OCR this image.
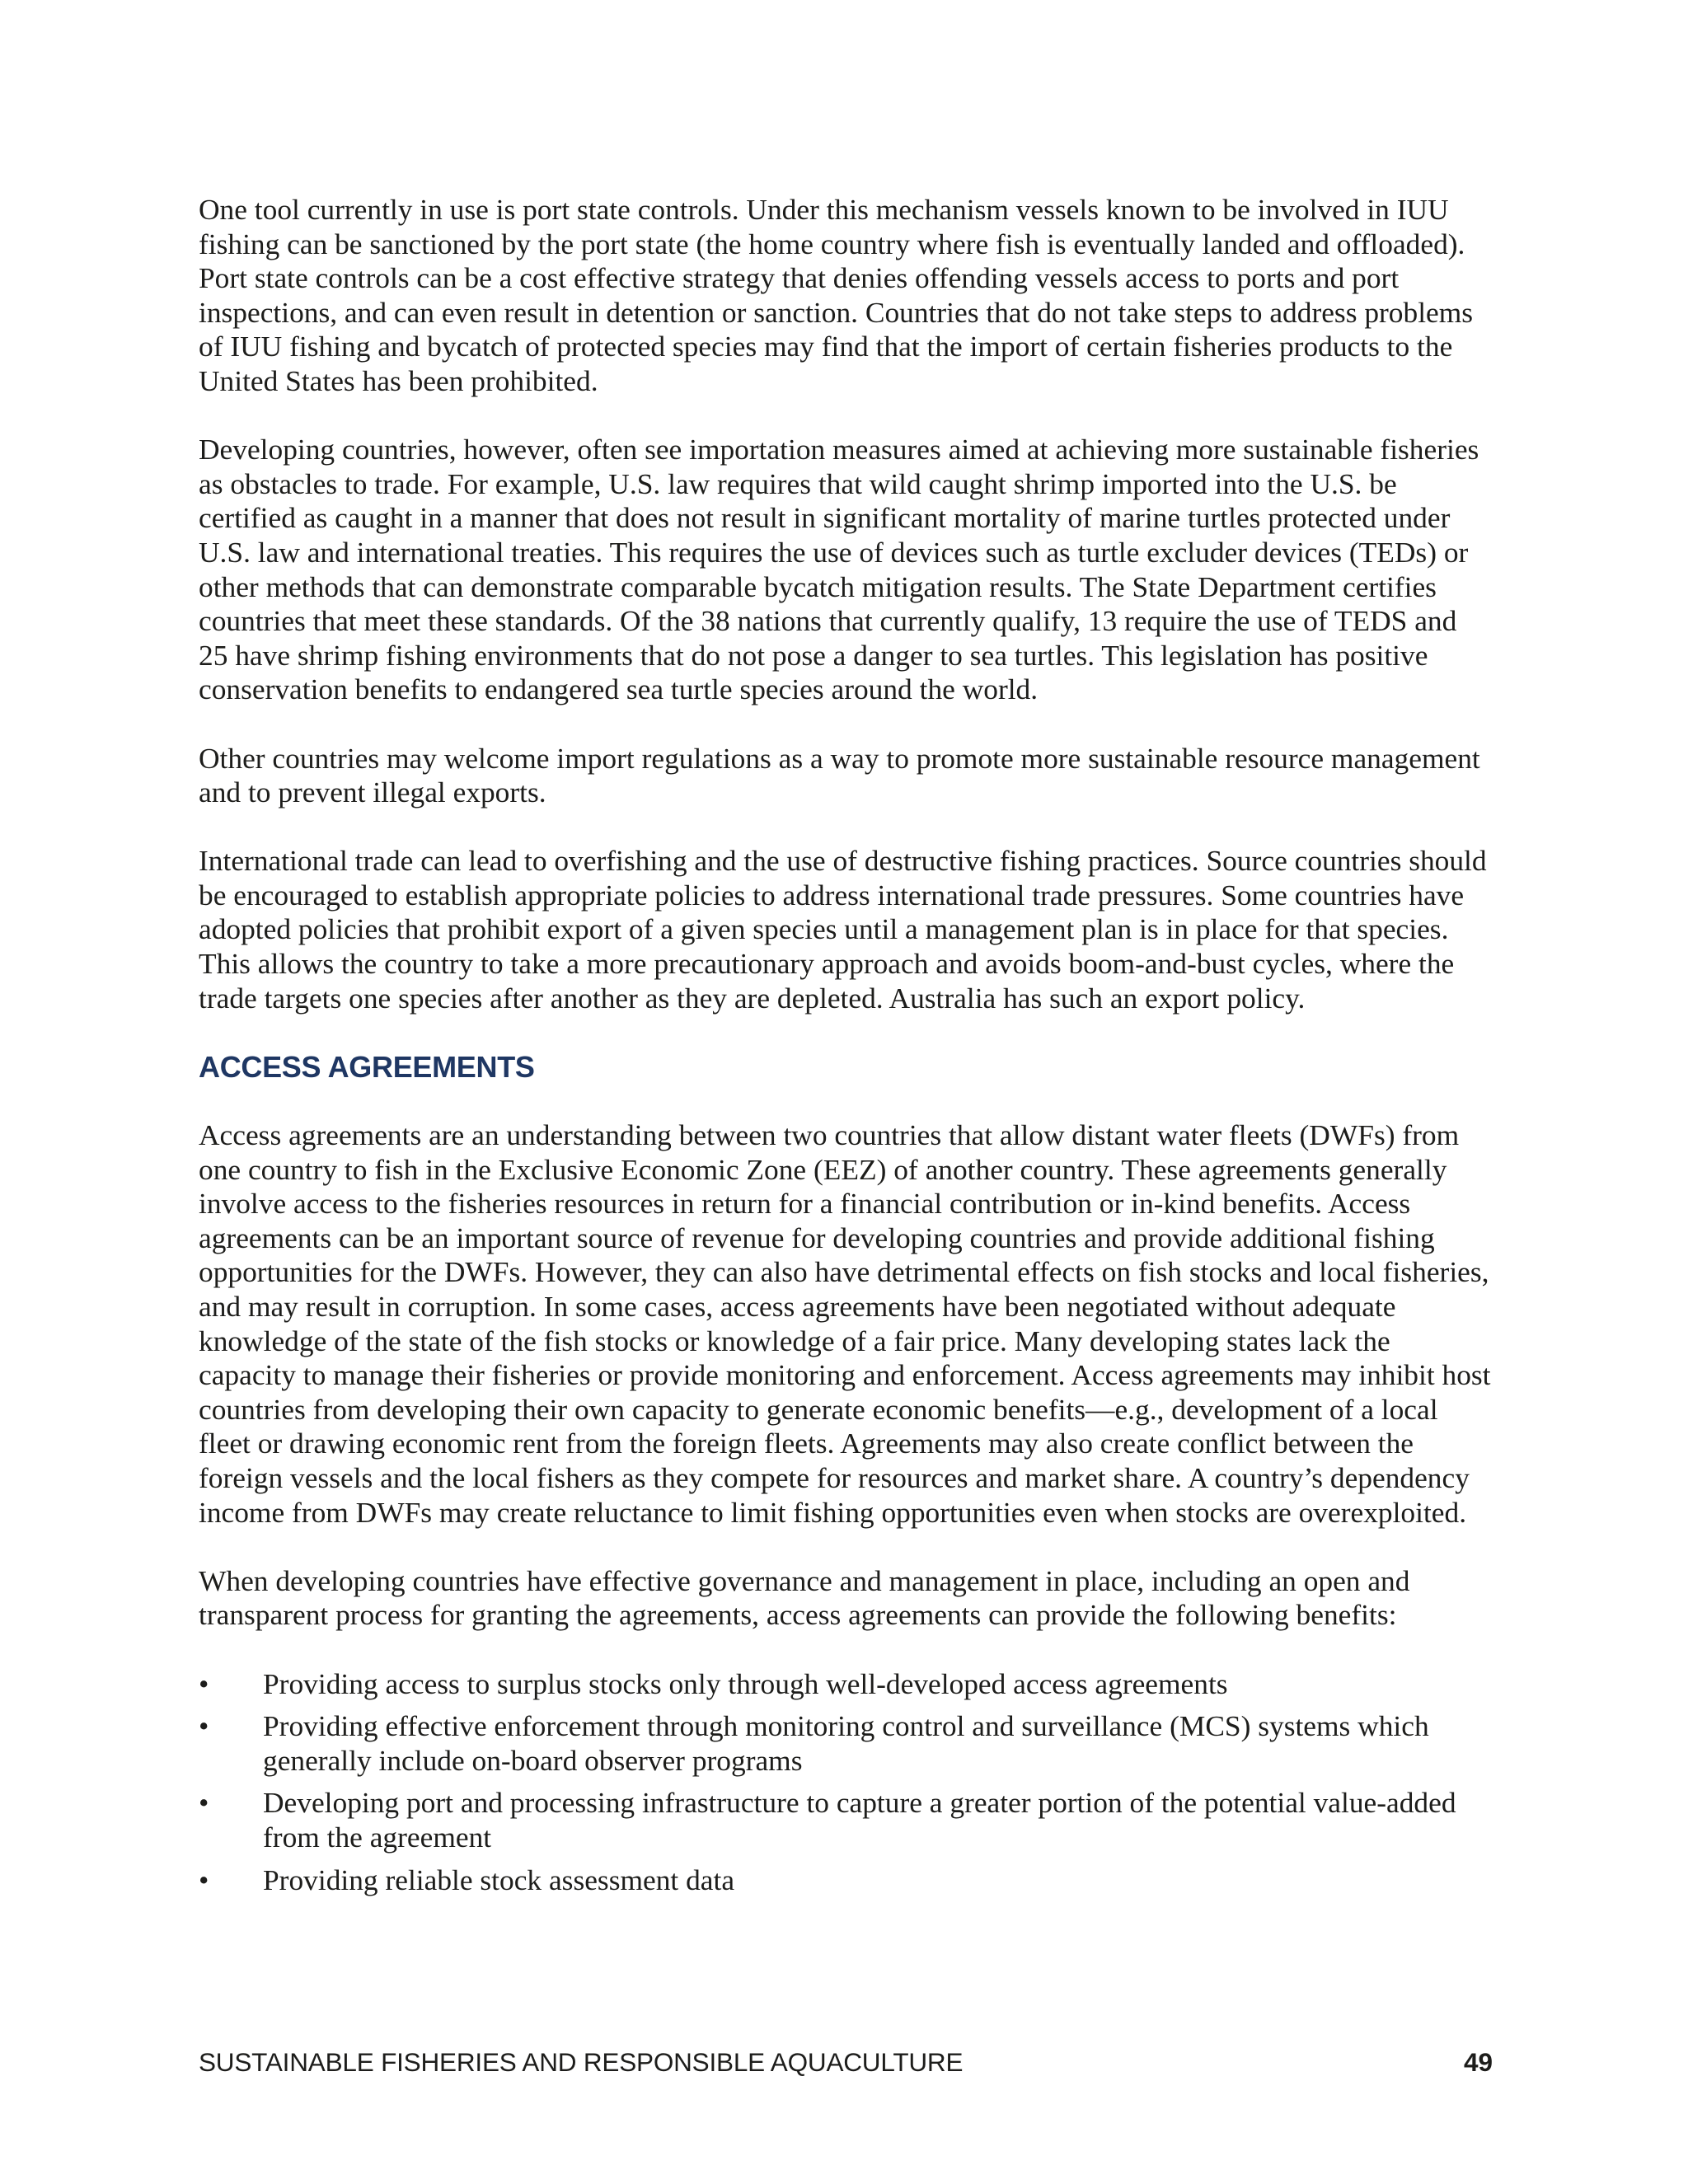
One tool currently in use is port state controls. Under this mechanism vessels known to be involved in IUU fishing can be sanctioned by the port state (the home country where fish is eventually landed and offloaded). Port state controls can be a cost effective strategy that denies offending vessels access to ports and port inspections, and can even result in detention or sanction. Countries that do not take steps to address problems of IUU fishing and bycatch of protected species may find that the import of certain fisheries products to the United States has been prohibited.

Developing countries, however, often see importation measures aimed at achieving more sustainable fisheries as obstacles to trade. For example, U.S. law requires that wild caught shrimp imported into the U.S. be certified as caught in a manner that does not result in significant mortality of marine turtles protected under U.S. law and international treaties. This requires the use of devices such as turtle excluder devices (TEDs) or other methods that can demonstrate comparable bycatch mitigation results. The State Department certifies countries that meet these standards. Of the 38 nations that currently qualify, 13 require the use of TEDS and 25 have shrimp fishing environments that do not pose a danger to sea turtles. This legislation has positive conservation benefits to endangered sea turtle species around the world.

Other countries may welcome import regulations as a way to promote more sustainable resource management and to prevent illegal exports.

International trade can lead to overfishing and the use of destructive fishing practices. Source countries should be encouraged to establish appropriate policies to address international trade pressures. Some countries have adopted policies that prohibit export of a given species until a management plan is in place for that species. This allows the country to take a more precautionary approach and avoids boom-and-bust cycles, where the trade targets one species after another as they are depleted. Australia has such an export policy.

ACCESS AGREEMENTS

Access agreements are an understanding between two countries that allow distant water fleets (DWFs) from one country to fish in the Exclusive Economic Zone (EEZ) of another country. These agreements generally involve access to the fisheries resources in return for a financial contribution or in-kind benefits. Access agreements can be an important source of revenue for developing countries and provide additional fishing opportunities for the DWFs. However, they can also have detrimental effects on fish stocks and local fisheries, and may result in corruption. In some cases, access agreements have been negotiated without adequate knowledge of the state of the fish stocks or knowledge of a fair price. Many developing states lack the capacity to manage their fisheries or provide monitoring and enforcement. Access agreements may inhibit host countries from developing their own capacity to generate economic benefits—e.g., development of a local fleet or drawing economic rent from the foreign fleets. Agreements may also create conflict between the foreign vessels and the local fishers as they compete for resources and market share. A country’s dependency income from DWFs may create reluctance to limit fishing opportunities even when stocks are overexploited.

When developing countries have effective governance and management in place, including an open and transparent process for granting the agreements, access agreements can provide the following benefits:

• Providing access to surplus stocks only through well-developed access agreements
• Providing effective enforcement through monitoring control and surveillance (MCS) systems which generally include on-board observer programs
• Developing port and processing infrastructure to capture a greater portion of the potential value-added from the agreement
• Providing reliable stock assessment data
SUSTAINABLE FISHERIES AND RESPONSIBLE AQUACULTURE	49
